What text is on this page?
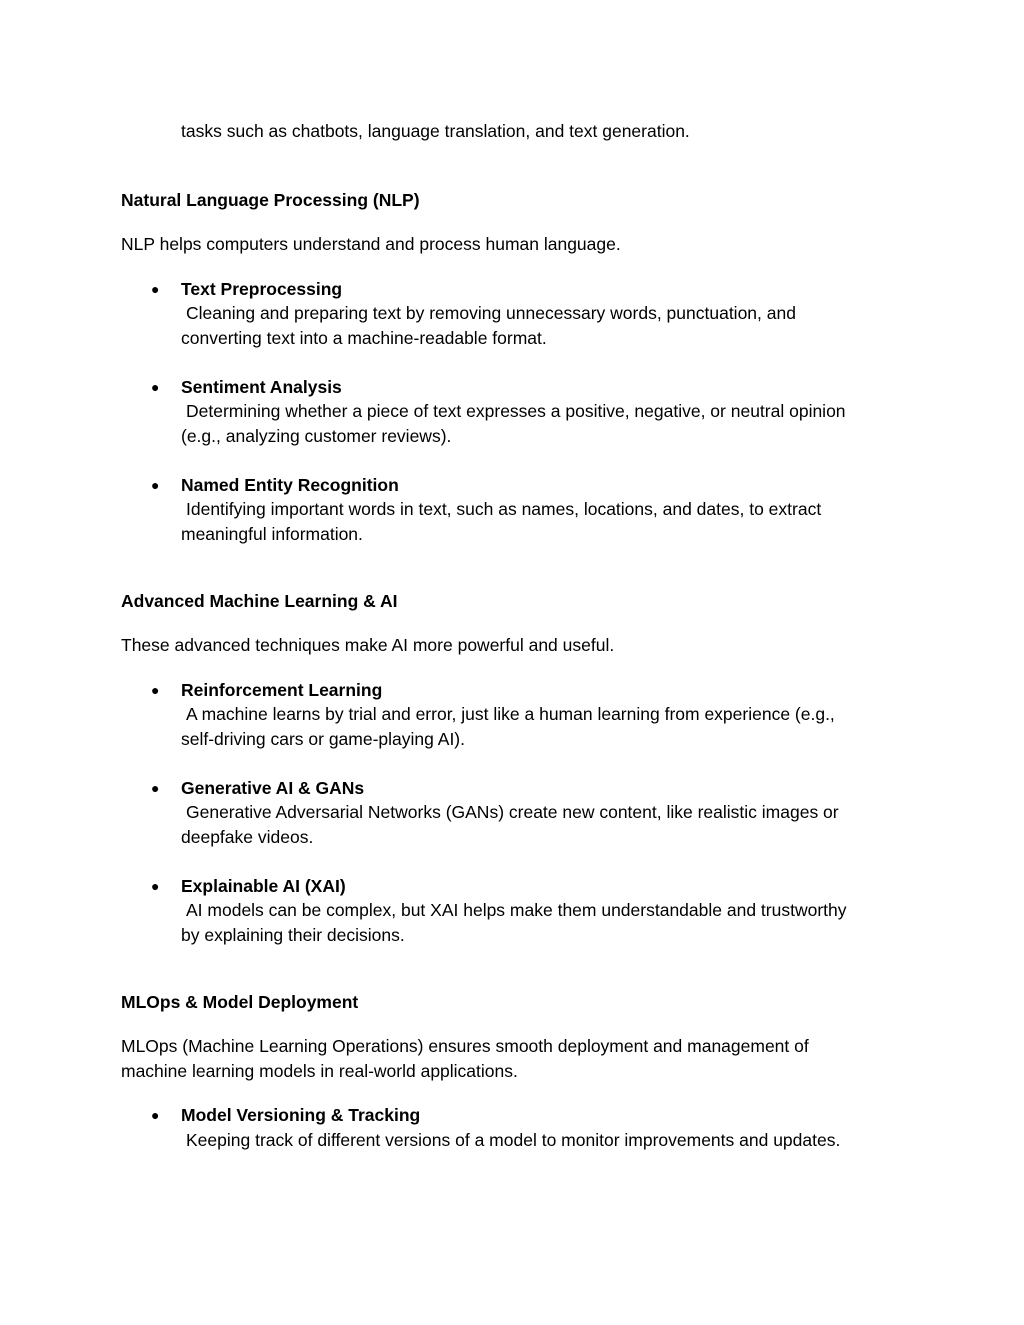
tasks such as chatbots, language translation, and text generation.

Natural Language Processing (NLP)

NLP helps computers understand and process human language.

● Text Preprocessing
Cleaning and preparing text by removing unnecessary words, punctuation, and
converting text into a machine-readable format.
● Sentiment Analysis
Determining whether a piece of text expresses a positive, negative, or neutral opinion
(e.g., analyzing customer reviews).
● Named Entity Recognition
Identifying important words in text, such as names, locations, and dates, to extract
meaningful information.

Advanced Machine Learning & AI

These advanced techniques make AI more powerful and useful.

● Reinforcement Learning
A machine learns by trial and error, just like a human learning from experience (e.g.,
self-driving cars or game-playing AI).
● Generative AI & GANs
Generative Adversarial Networks (GANs) create new content, like realistic images or
deepfake videos.
● Explainable AI (XAI)
AI models can be complex, but XAI helps make them understandable and trustworthy
by explaining their decisions.

MLOps & Model Deployment

MLOps (Machine Learning Operations) ensures smooth deployment and management of
machine learning models in real-world applications.

● Model Versioning & Tracking
Keeping track of different versions of a model to monitor improvements and updates.
